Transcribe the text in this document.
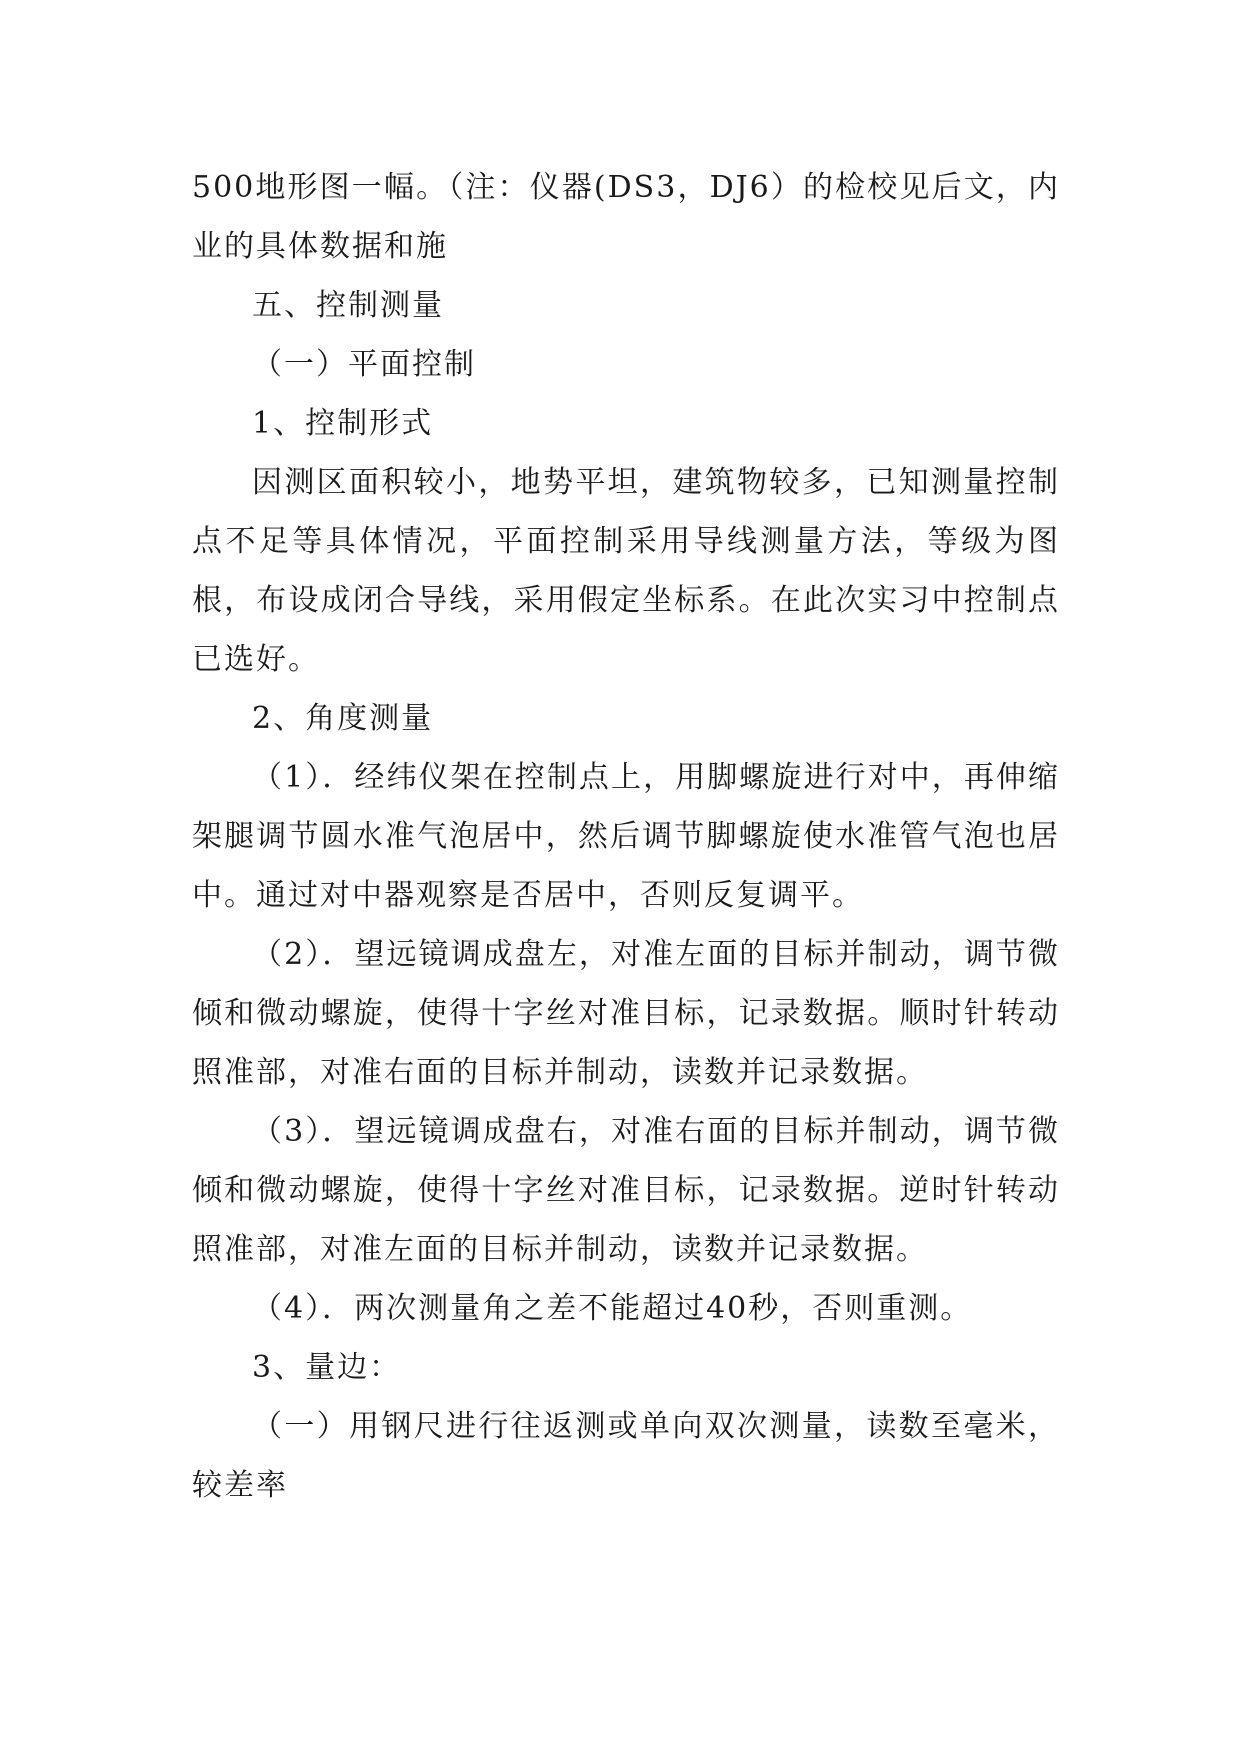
500地形图一幅。（注：仪器(DS3，DJ6）的检校见后文，内业的具体数据和施

五、控制测量

（一）平面控制

1、控制形式

因测区面积较小，地势平坦，建筑物较多，已知测量控制点不足等具体情况，平面控制采用导线测量方法，等级为图根，布设成闭合导线，采用假定坐标系。在此次实习中控制点已选好。

2、角度测量

（1）．经纬仪架在控制点上，用脚螺旋进行对中，再伸缩架腿调节圆水准气泡居中，然后调节脚螺旋使水准管气泡也居中。通过对中器观察是否居中，否则反复调平。

（2）．望远镜调成盘左，对准左面的目标并制动，调节微倾和微动螺旋，使得十字丝对准目标，记录数据。顺时针转动照准部，对准右面的目标并制动，读数并记录数据。

（3）．望远镜调成盘右，对准右面的目标并制动，调节微倾和微动螺旋，使得十字丝对准目标，记录数据。逆时针转动照准部，对准左面的目标并制动，读数并记录数据。

（4）．两次测量角之差不能超过40秒，否则重测。

3、量边：

（一）用钢尺进行往返测或单向双次测量，读数至毫米，较差率
